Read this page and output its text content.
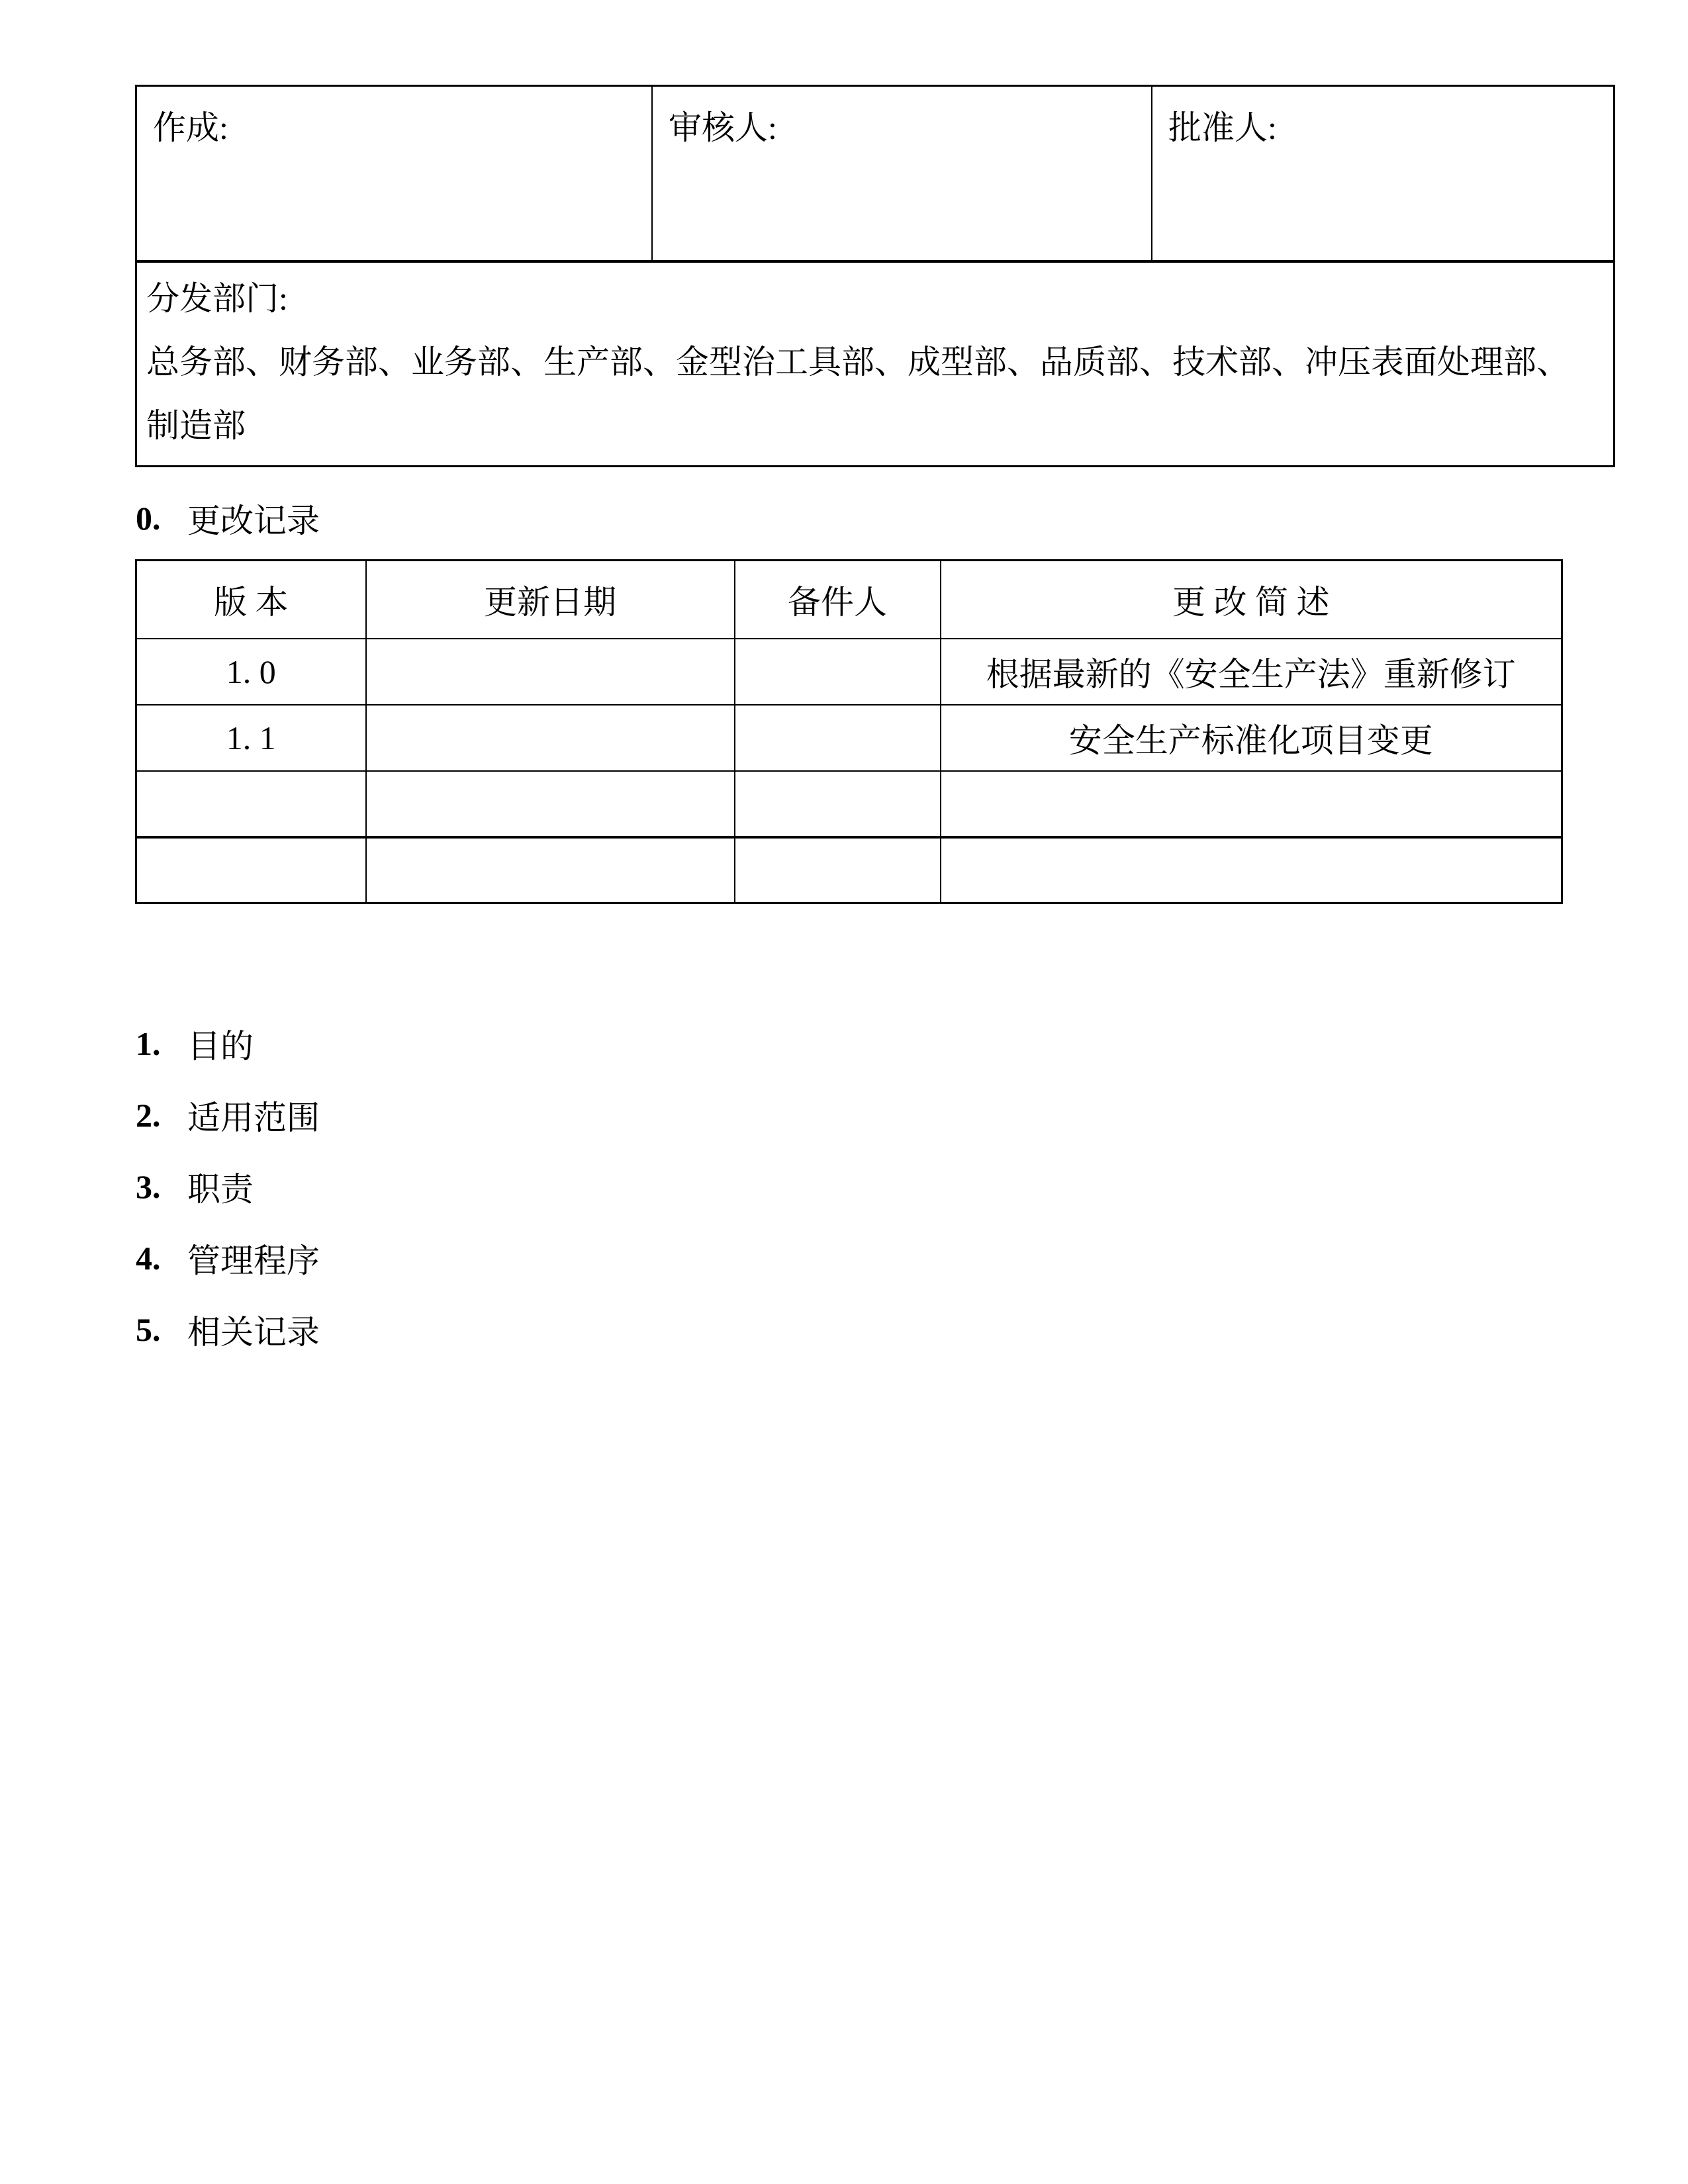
作成:	审核人:	批准人:

分发部门:
总务部、财务部、业务部、生产部、金型治工具部、成型部、品质部、技术部、冲压表面处理部、
制造部
0. 更改记录
版 本	更新日期	备件人	更 改 简 述
1. 0			根据最新的《安全生产法》重新修订
1. 1			安全生产标准化项目变更

1. 目的
2. 适用范围
3. 职责
4. 管理程序
5. 相关记录
